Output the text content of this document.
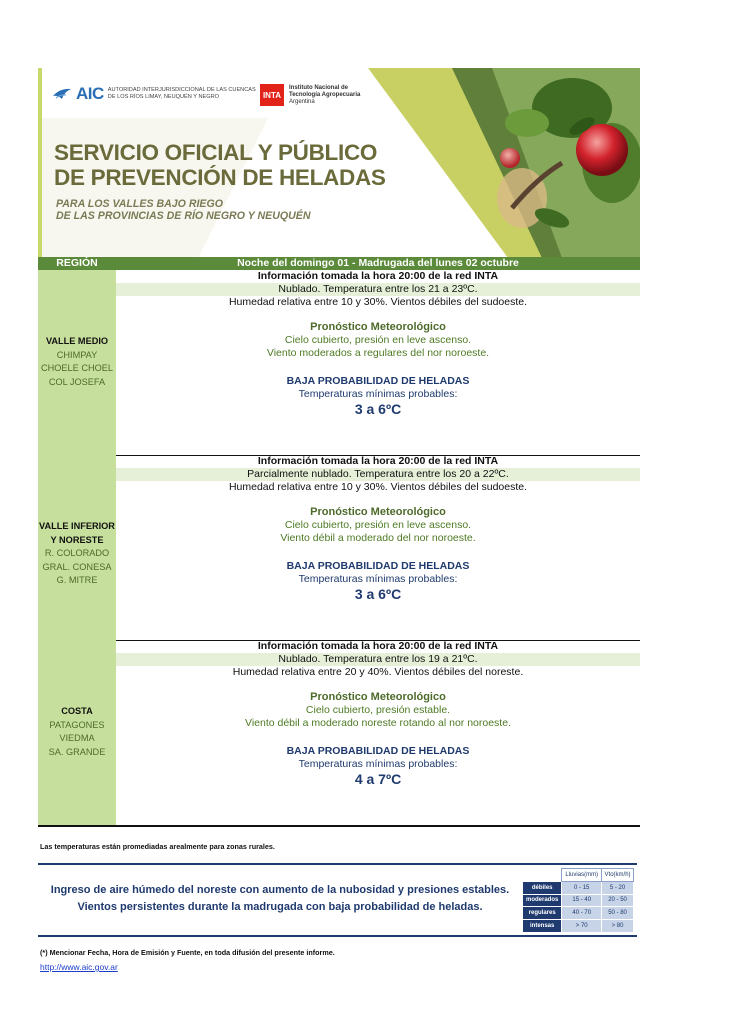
AIC AUTORIDAD INTERJURISDICCIONAL DE LAS CUENCAS DE LOS RÍOS LIMAY, NEUQUÉN Y NEGRO	INTA
Instituto Nacional de Tecnología Agropecuaria
Argentina
SERVICIO OFICIAL Y PÚBLICO
DE PREVENCIÓN DE HELADAS
PARA LOS VALLES BAJO RIEGO
DE LAS PROVINCIAS DE RÍO NEGRO Y NEUQUÉN
REGIÓN	Noche del domingo 01 - Madrugada del lunes 02 octubre
VALLE MEDIO
CHIMPAY
CHOELE CHOEL
COL JOSEFA
Información tomada la hora 20:00 de la red INTA
Nublado. Temperatura entre los 21 a 23ºC.
Humedad relativa entre 10 y 30%. Vientos débiles del sudoeste.
Pronóstico Meteorológico
Cielo cubierto, presión en leve ascenso.
Viento moderados a regulares del nor noroeste.
BAJA PROBABILIDAD DE HELADAS
Temperaturas mínimas probables:
3 a 6ºC
VALLE INFERIOR
Y NORESTE
R. COLORADO
GRAL. CONESA
G. MITRE
Información tomada la hora 20:00 de la red INTA
Parcialmente nublado. Temperatura entre los 20 a 22ºC.
Humedad relativa entre 10 y 30%. Vientos débiles del sudoeste.
Pronóstico Meteorológico
Cielo cubierto, presión en leve ascenso.
Viento débil a moderado del nor noroeste.
BAJA PROBABILIDAD DE HELADAS
Temperaturas mínimas probables:
3 a 6ºC
COSTA
PATAGONES
VIEDMA
SA. GRANDE
Información tomada la hora 20:00 de la red INTA
Nublado. Temperatura entre los 19 a 21ºC.
Humedad relativa entre 20 y 40%. Vientos débiles del noreste.
Pronóstico Meteorológico
Cielo cubierto, presión estable.
Viento débil a moderado noreste rotando al nor noroeste.
BAJA PROBABILIDAD DE HELADAS
Temperaturas mínimas probables:
4 a 7ºC
Las temperaturas están promediadas arealmente para zonas rurales.
Ingreso de aire húmedo del noreste con aumento de la nubosidad y presiones estables.
Vientos persistentes durante la madrugada con baja probabilidad de heladas.
	Lluvias(mm)	Vto(km/h)
débiles	0 - 15	5 - 20
moderados	15 - 40	20 - 50
regulares	40 - 70	50 - 80
intensas	> 70	> 80
(*) Mencionar Fecha, Hora de Emisión y Fuente, en toda difusión del presente informe.
http://www.aic.gov.ar
